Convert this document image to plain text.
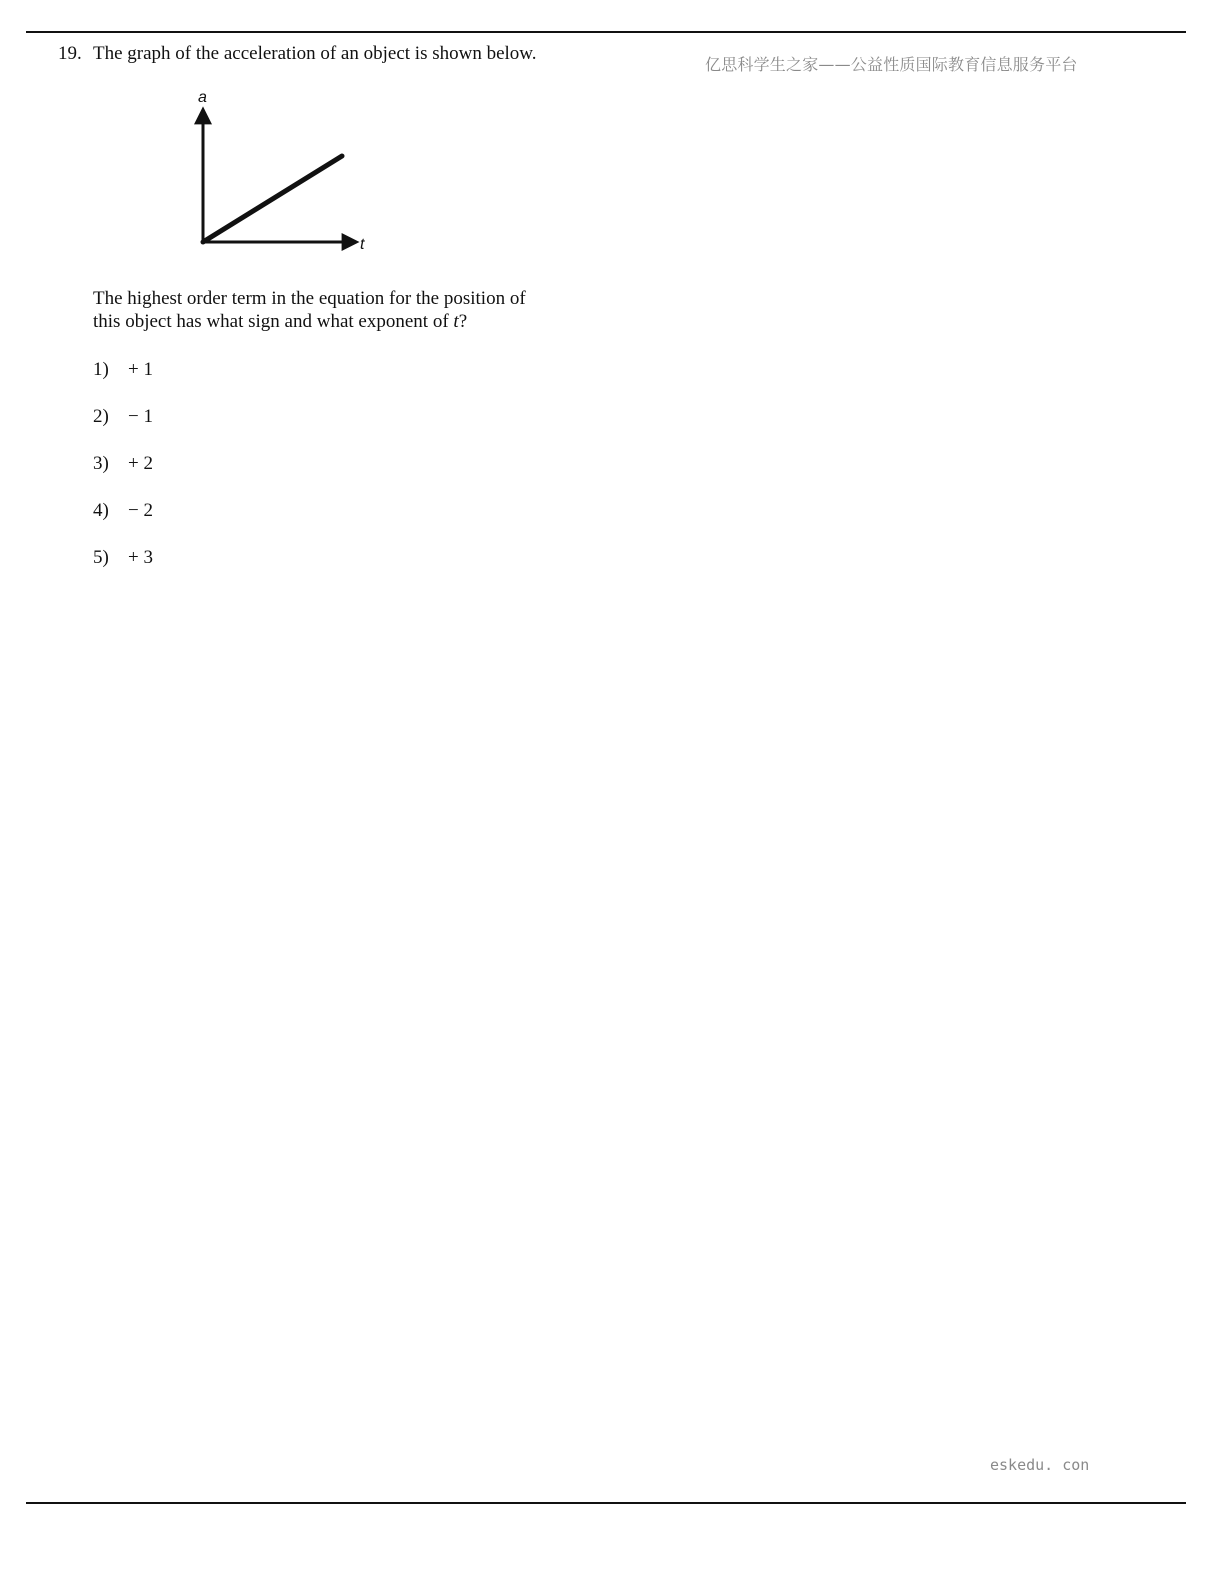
亿思科学生之家——公益性质国际教育信息服务平台
19. The graph of the acceleration of an object is shown below.
a
t
The highest order term in the equation for the position of
this object has what sign and what exponent of t?
1)	+ 1
2)	− 1
3)	+ 2
4)	− 2
5)	+ 3
eskedu. con
